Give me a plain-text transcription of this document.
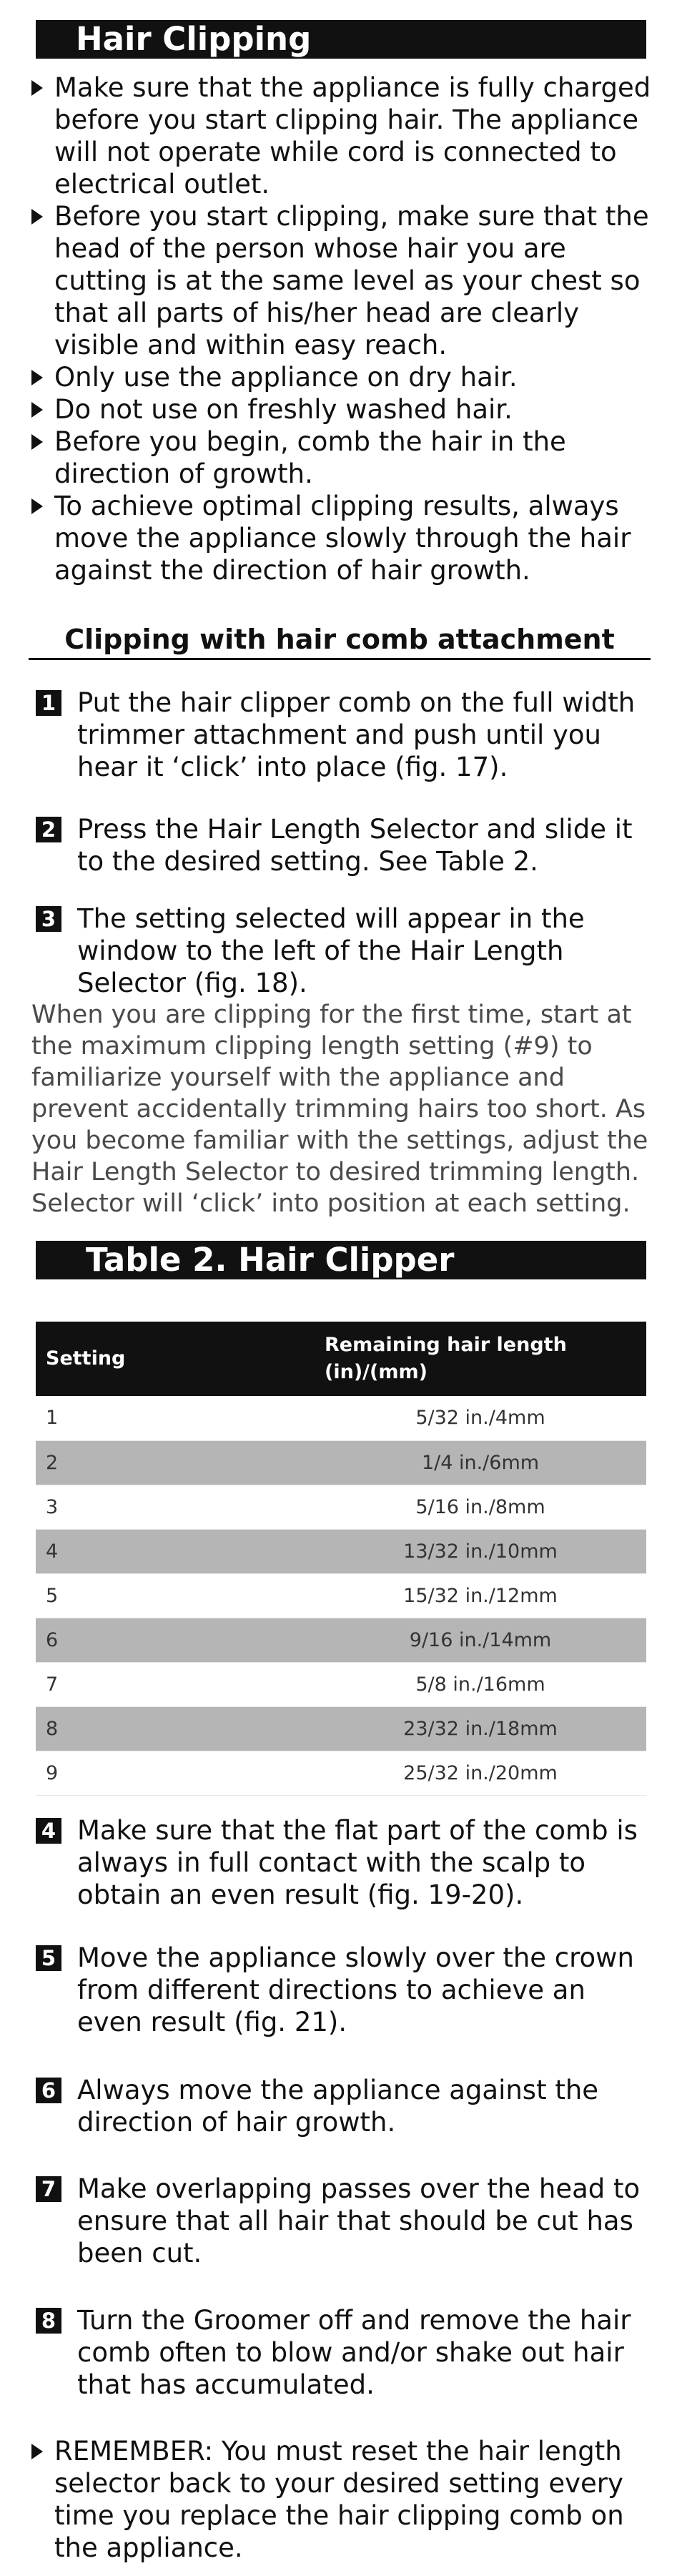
Hair Clipping
Make sure that the appliance is fully charged before you start clipping hair. The appliance will not operate while cord is connected to electrical outlet.
Before you start clipping, make sure that the head of the person whose hair you are cutting is at the same level as your chest so that all parts of his/her head are clearly visible and within easy reach.
Only use the appliance on dry hair.
Do not use on freshly washed hair.
Before you begin, comb the hair in the direction of growth.
To achieve optimal clipping results, always move the appliance slowly through the hair against the direction of hair growth.
Clipping with hair comb attachment
1 Put the hair clipper comb on the full width trimmer attachment and push until you hear it ‘click’ into place (fig. 17).
2 Press the Hair Length Selector and slide it to the desired setting. See Table 2.
3 The setting selected will appear in the window to the left of the Hair Length Selector (fig. 18).
When you are clipping for the first time, start at the maximum clipping length setting (#9) to familiarize yourself with the appliance and prevent accidentally trimming hairs too short. As you become familiar with the settings, adjust the Hair Length Selector to desired trimming length. Selector will ‘click’ into position at each setting.
Table 2. Hair Clipper
Setting	Remaining hair length (in)/(mm)
1	5/32 in./4mm
2	1/4 in./6mm
3	5/16 in./8mm
4	13/32 in./10mm
5	15/32 in./12mm
6	9/16 in./14mm
7	5/8 in./16mm
8	23/32 in./18mm
9	25/32 in./20mm
4 Make sure that the flat part of the comb is always in full contact with the scalp to obtain an even result (fig. 19-20).
5 Move the appliance slowly over the crown from different directions to achieve an even result (fig. 21).
6 Always move the appliance against the direction of hair growth.
7 Make overlapping passes over the head to ensure that all hair that should be cut has been cut.
8 Turn the Groomer off and remove the hair comb often to blow and/or shake out hair that has accumulated.
REMEMBER: You must reset the hair length selector back to your desired setting every time you replace the hair clipping comb on the appliance.
